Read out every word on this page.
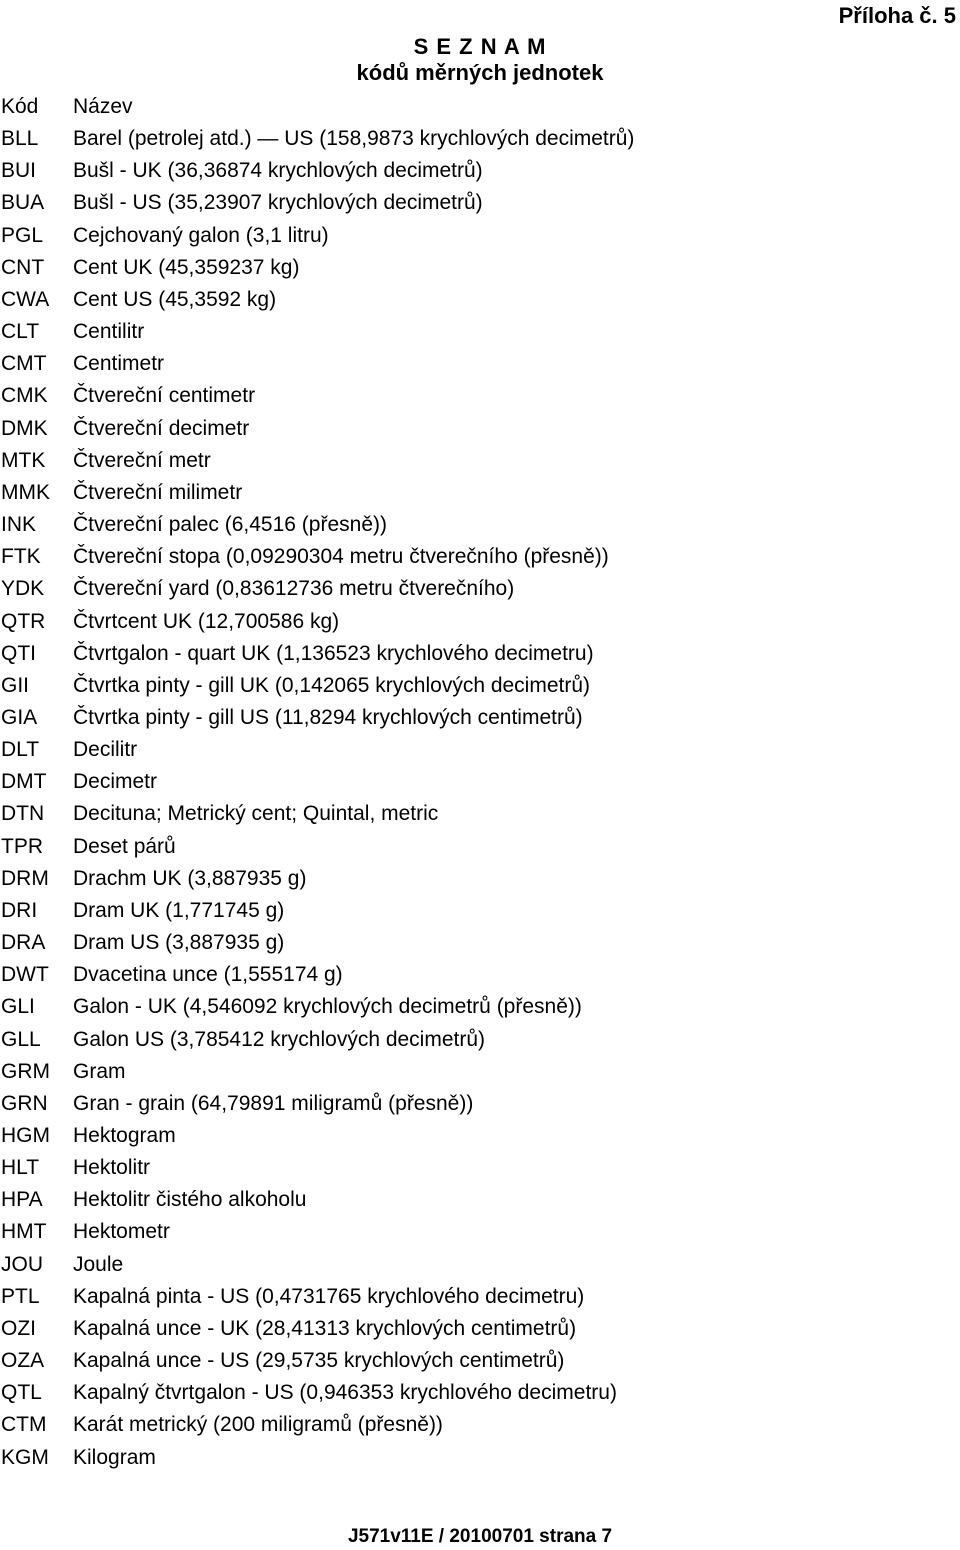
Příloha č. 5
S E Z N A M
kódů měrných jednotek
Kód	Název
BLL	Barel (petrolej atd.) — US (158,9873 krychlových decimetrů)
BUI	Bušl - UK (36,36874 krychlových decimetrů)
BUA	Bušl - US (35,23907 krychlových decimetrů)
PGL	Cejchovaný galon (3,1 litru)
CNT	Cent UK (45,359237 kg)
CWA	Cent US (45,3592 kg)
CLT	Centilitr
CMT	Centimetr
CMK	Čtvereční centimetr
DMK	Čtvereční decimetr
MTK	Čtvereční metr
MMK	Čtvereční milimetr
INK	Čtvereční palec (6,4516 (přesně))
FTK	Čtvereční stopa (0,09290304 metru čtverečního (přesně))
YDK	Čtvereční yard (0,83612736 metru čtverečního)
QTR	Čtvrtcent UK (12,700586 kg)
QTI	Čtvrtgalon - quart UK (1,136523 krychlového decimetru)
GII	Čtvrtka pinty - gill UK (0,142065 krychlových decimetrů)
GIA	Čtvrtka pinty - gill US (11,8294 krychlových centimetrů)
DLT	Decilitr
DMT	Decimetr
DTN	Decituna; Metrický cent; Quintal, metric
TPR	Deset párů
DRM	Drachm UK (3,887935 g)
DRI	Dram UK (1,771745 g)
DRA	Dram US (3,887935 g)
DWT	Dvacetina unce (1,555174 g)
GLI	Galon - UK (4,546092 krychlových decimetrů (přesně))
GLL	Galon US (3,785412 krychlových decimetrů)
GRM	Gram
GRN	Gran - grain (64,79891 miligramů (přesně))
HGM	Hektogram
HLT	Hektolitr
HPA	Hektolitr čistého alkoholu
HMT	Hektometr
JOU	Joule
PTL	Kapalná pinta - US (0,4731765 krychlového decimetru)
OZI	Kapalná unce - UK (28,41313 krychlových centimetrů)
OZA	Kapalná unce - US (29,5735 krychlových centimetrů)
QTL	Kapalný čtvrtgalon - US (0,946353 krychlového decimetru)
CTM	Karát metrický (200 miligramů (přesně))
KGM	Kilogram
J571v11E / 20100701 strana 7
